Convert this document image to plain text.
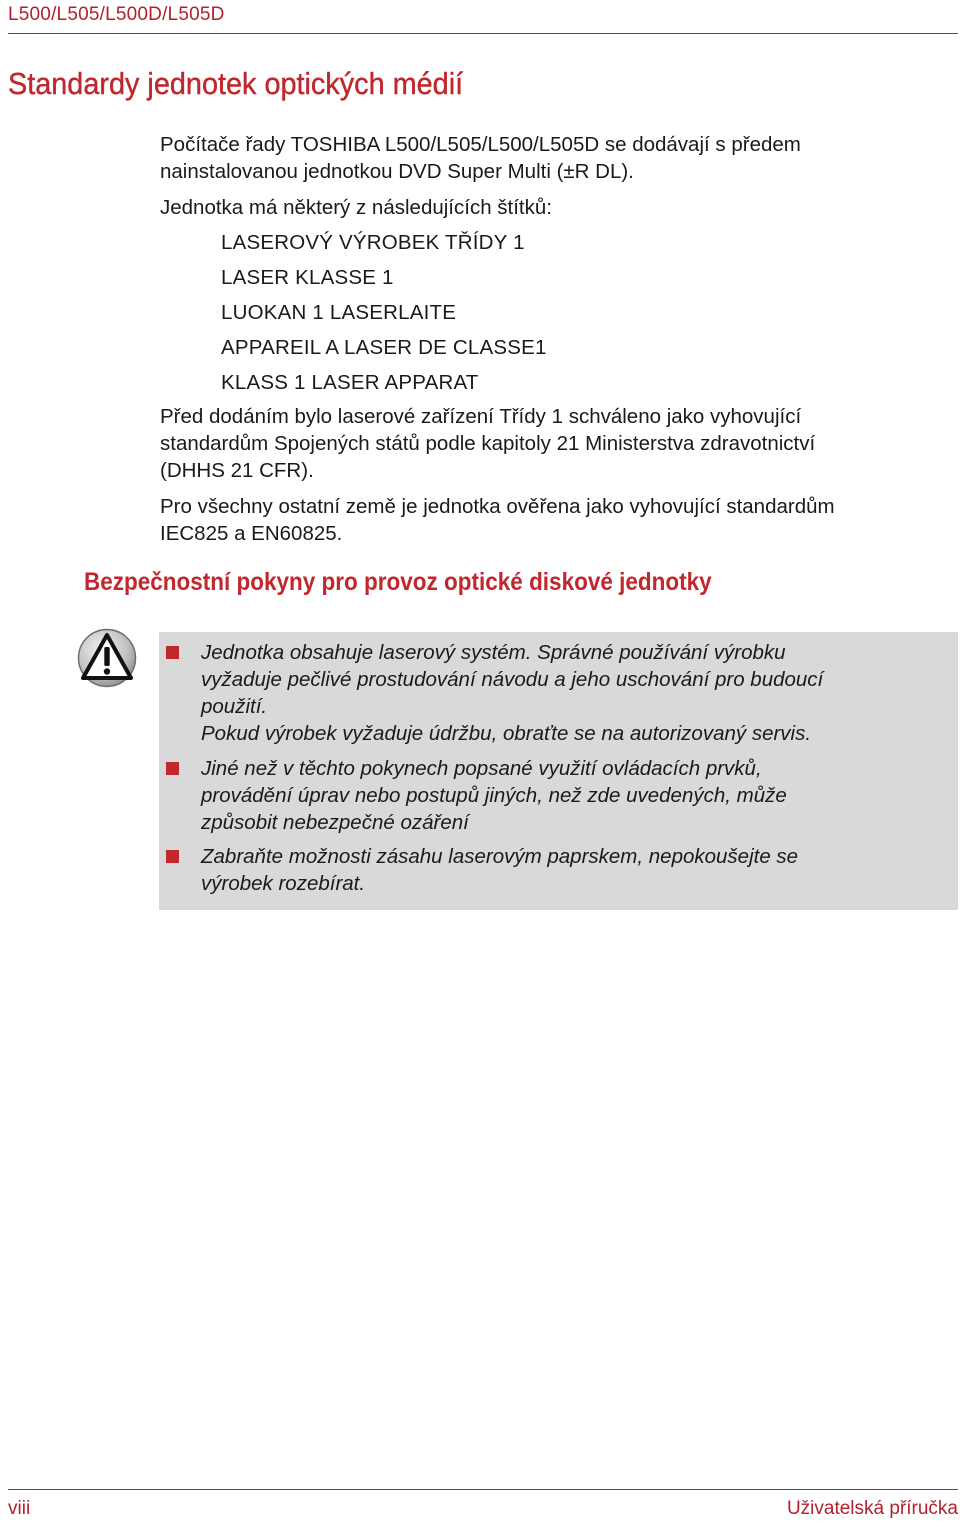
L500/L505/L500D/L505D
Standardy jednotek optických médií

Počítače řady TOSHIBA L500/L505/L500/L505D se dodávají s předem
nainstalovanou jednotkou DVD Super Multi (±R DL).

Jednotka má některý z následujících štítků:

LASEROVÝ VÝROBEK TŘÍDY 1

LASER KLASSE 1

LUOKAN 1 LASERLAITE

APPAREIL A LASER DE CLASSE1

KLASS 1 LASER APPARAT

Před dodáním bylo laserové zařízení Třídy 1 schváleno jako vyhovující
standardům Spojených států podle kapitoly 21 Ministerstva zdravotnictví
(DHHS 21 CFR).

Pro všechny ostatní země je jednotka ověřena jako vyhovující standardům
IEC825 a EN60825.

Bezpečnostní pokyny pro provoz optické diskové jednotky
Jednotka obsahuje laserový systém. Správné používání výrobku
vyžaduje pečlivé prostudování návodu a jeho uschování pro budoucí
použití.
Pokud výrobek vyžaduje údržbu, obraťte se na autorizovaný servis.
Jiné než v těchto pokynech popsané využití ovládacích prvků,
provádění úprav nebo postupů jiných, než zde uvedených, může
způsobit nebezpečné ozáření
Zabraňte možnosti zásahu laserovým paprskem, nepokoušejte se
výrobek rozebírat.
viii	Uživatelská příručka
